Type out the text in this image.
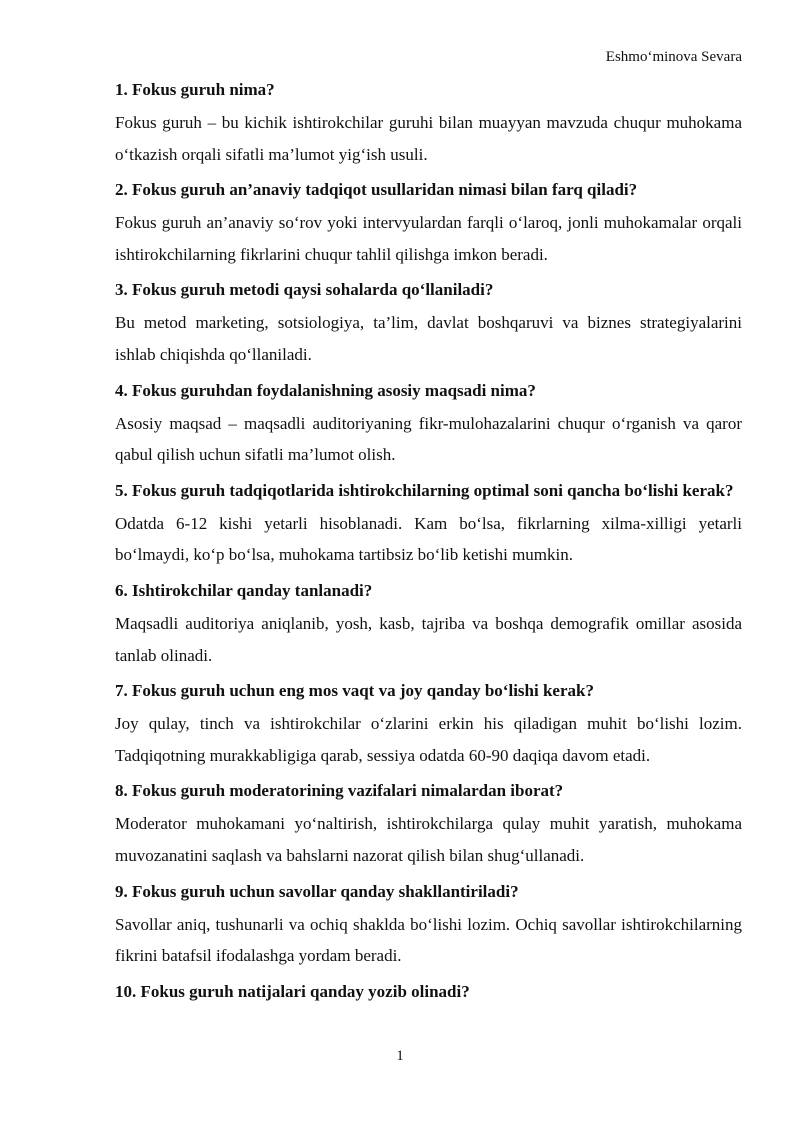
Eshmo‘minova Sevara

1. Fokus guruh nima?

Fokus guruh – bu kichik ishtirokchilar guruhi bilan muayyan mavzuda chuqur muhokama o‘tkazish orqali sifatli ma’lumot yig‘ish usuli.

2. Fokus guruh an’anaviy tadqiqot usullaridan nimasi bilan farq qiladi?

Fokus guruh an’anaviy so‘rov yoki intervyulardan farqli o‘laroq, jonli muhokamalar orqali ishtirokchilarning fikrlarini chuqur tahlil qilishga imkon beradi.

3. Fokus guruh metodi qaysi sohalarda qo‘llaniladi?

Bu metod marketing, sotsiologiya, ta’lim, davlat boshqaruvi va biznes strategiyalarini ishlab chiqishda qo‘llaniladi.

4. Fokus guruhdan foydalanishning asosiy maqsadi nima?

Asosiy maqsad – maqsadli auditoriyaning fikr-mulohazalarini chuqur o‘rganish va qaror qabul qilish uchun sifatli ma’lumot olish.

5. Fokus guruh tadqiqotlarida ishtirokchilarning optimal soni qancha bo‘lishi kerak?

Odatda 6-12 kishi yetarli hisoblanadi. Kam bo‘lsa, fikrlarning xilma-xilligi yetarli bo‘lmaydi, ko‘p bo‘lsa, muhokama tartibsiz bo‘lib ketishi mumkin.

6. Ishtirokchilar qanday tanlanadi?

Maqsadli auditoriya aniqlanib, yosh, kasb, tajriba va boshqa demografik omillar asosida tanlab olinadi.

7. Fokus guruh uchun eng mos vaqt va joy qanday bo‘lishi kerak?

Joy qulay, tinch va ishtirokchilar o‘zlarini erkin his qiladigan muhit bo‘lishi lozim. Tadqiqotning murakkabligiga qarab, sessiya odatda 60-90 daqiqa davom etadi.

8. Fokus guruh moderatorining vazifalari nimalardan iborat?

Moderator muhokamani yo‘naltirish, ishtirokchilarga qulay muhit yaratish, muhokama muvozanatini saqlash va bahslarni nazorat qilish bilan shug‘ullanadi.

9. Fokus guruh uchun savollar qanday shakllantiriladi?

Savollar aniq, tushunarli va ochiq shaklda bo‘lishi lozim. Ochiq savollar ishtirokchilarning fikrini batafsil ifodalashga yordam beradi.

10. Fokus guruh natijalari qanday yozib olinadi?

1
